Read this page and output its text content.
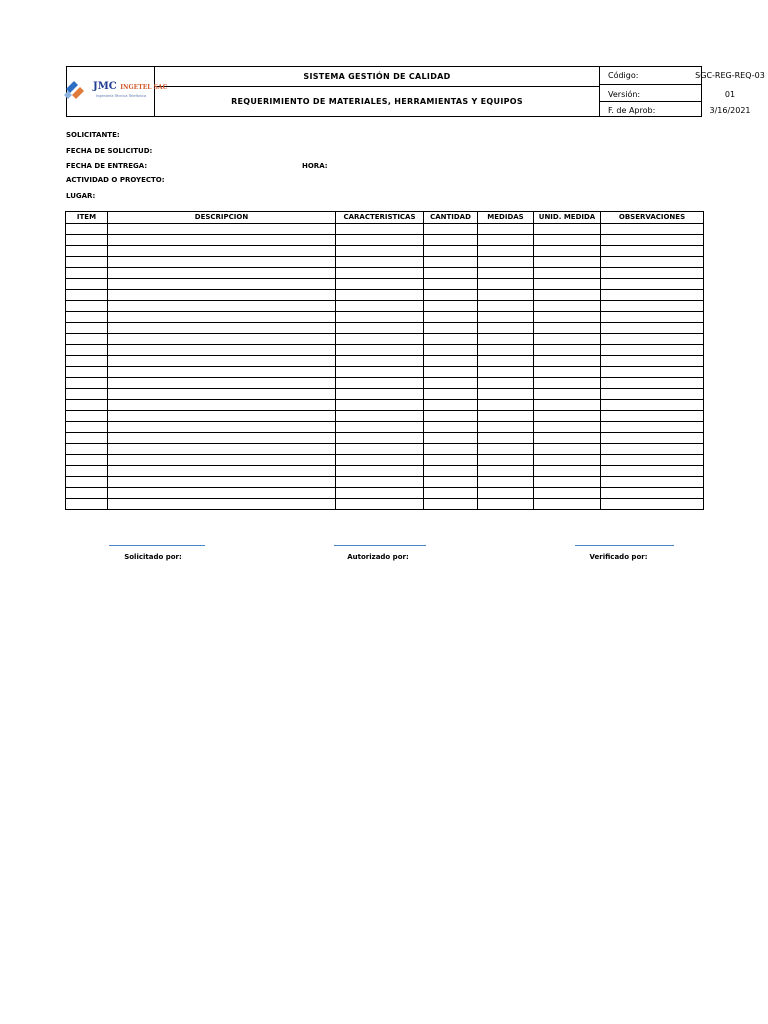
SISTEMA GESTIÓN DE CALIDAD
REQUERIMIENTO DE MATERIALES, HERRAMIENTAS Y EQUIPOS
Código:	SGC-REG-REQ-03
Versión:	01
F. de Aprob:	3/16/2021
JMC INGETEL SAC
Ingeniería Técnica Telefónica
SOLICITANTE:
FECHA DE SOLICITUD:
FECHA DE ENTREGA:	HORA:
ACTIVIDAD O PROYECTO:
LUGAR:
ITEM	DESCRIPCION	CARACTERISTICAS	CANTIDAD	MEDIDAS	UNID. MEDIDA	OBSERVACIONES

Solicitado por:	Autorizado por:	Verificado por:
